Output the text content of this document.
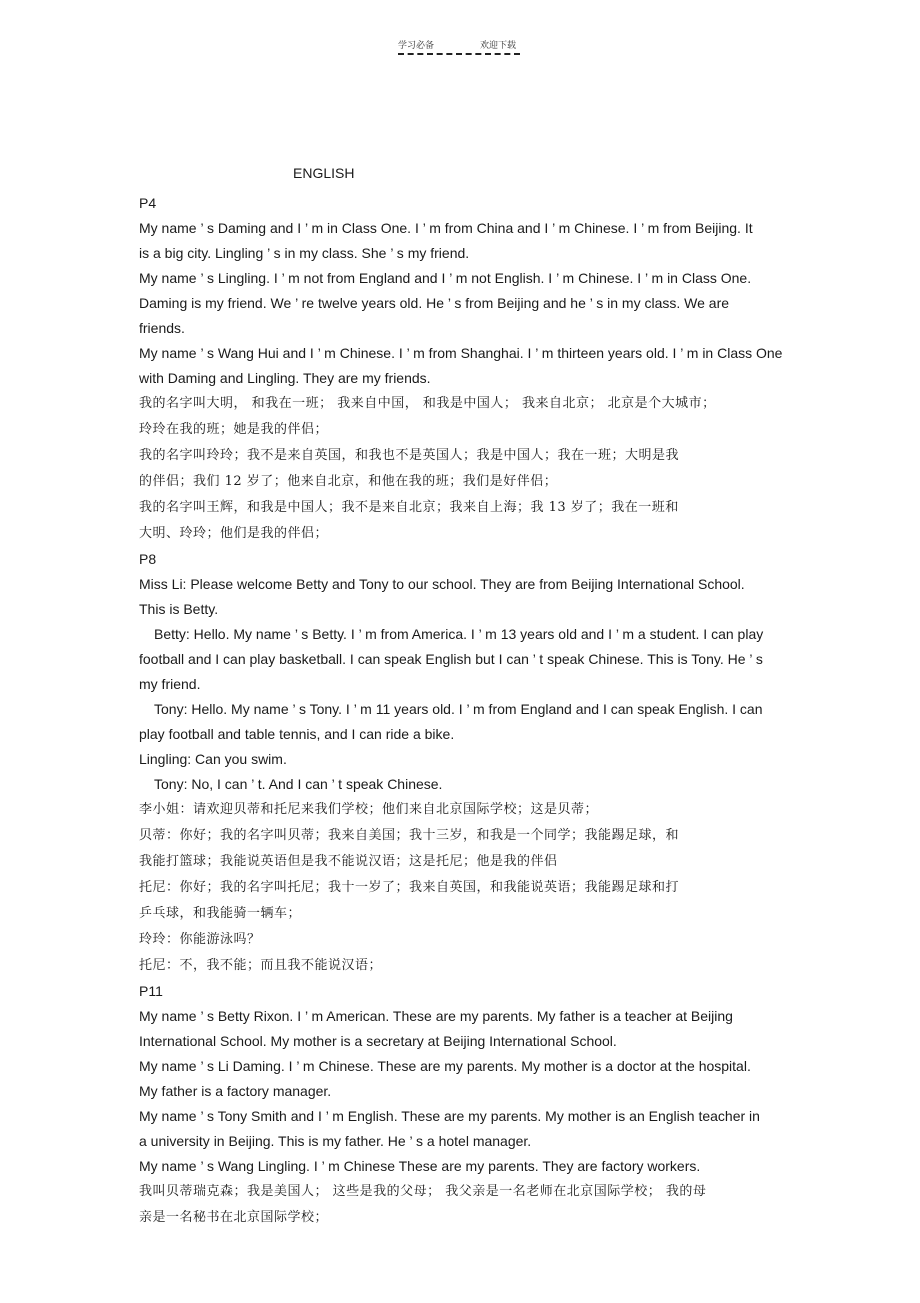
学习必备	欢迎下载
ENGLISH

P4

My name ’ s Daming and I ’ m in Class One. I ’ m from China and I ’ m Chinese. I ’ m from Beijing. It

is a big city. Lingling ’ s in my class. She ’ s my friend.

My name ’ s Lingling. I ’ m not from England and I ’ m not English. I ’ m Chinese. I ’ m in Class One.

Daming is my friend. We ’ re twelve years old. He ’ s from Beijing and he ’ s in my class. We are

friends.

My name ’ s Wang Hui and I ’ m Chinese. I ’ m from Shanghai. I ’ m thirteen years old. I ’ m in Class One

with Daming and Lingling. They are my friends.

我的名字叫大明， 和我在一班； 我来自中国， 和我是中国人； 我来自北京； 北京是个大城市；

玲玲在我的班；她是我的伴侣；

我的名字叫玲玲；我不是来自英国，和我也不是英国人；我是中国人；我在一班；大明是我

的伴侣；我们 12 岁了；他来自北京，和他在我的班；我们是好伴侣；

我的名字叫王辉，和我是中国人；我不是来自北京；我来自上海；我 13 岁了；我在一班和

大明、玲玲；他们是我的伴侣；

P8

Miss Li: Please welcome Betty and Tony to our school. They are from Beijing International School.

This is Betty.

Betty: Hello. My name ’ s Betty. I ’ m from America. I ’ m 13 years old and I ’ m a student. I can play

football and I can play basketball. I can speak English but I can ’ t speak Chinese. This is Tony. He ’ s

my friend.

Tony: Hello. My name ’ s Tony. I ’ m 11 years old. I ’ m from England and I can speak English. I can

play football and table tennis, and I can ride a bike.

Lingling: Can you swim.

Tony: No, I can ’ t. And I can ’ t speak Chinese.

李小姐：请欢迎贝蒂和托尼来我们学校；他们来自北京国际学校；这是贝蒂；

贝蒂：你好；我的名字叫贝蒂；我来自美国；我十三岁，和我是一个同学；我能踢足球，和

我能打篮球；我能说英语但是我不能说汉语；这是托尼；他是我的伴侣

托尼：你好；我的名字叫托尼；我十一岁了；我来自英国，和我能说英语；我能踢足球和打

乒乓球，和我能骑一辆车；

玲玲：你能游泳吗？

托尼：不，我不能；而且我不能说汉语；

P11

My name ’ s Betty Rixon. I ’ m American. These are my parents. My father is a teacher at Beijing

International School. My mother is a secretary at Beijing International School.

My name ’ s Li Daming. I ’ m Chinese. These are my parents. My mother is a doctor at the hospital.

My father is a factory manager.

My name ’ s Tony Smith and I ’ m English. These are my parents. My mother is an English teacher in

a university in Beijing. This is my father. He ’ s a hotel manager.

My name ’ s Wang Lingling. I ’ m Chinese These are my parents. They are factory workers.

我叫贝蒂瑞克森；我是美国人； 这些是我的父母； 我父亲是一名老师在北京国际学校； 我的母

亲是一名秘书在北京国际学校；
